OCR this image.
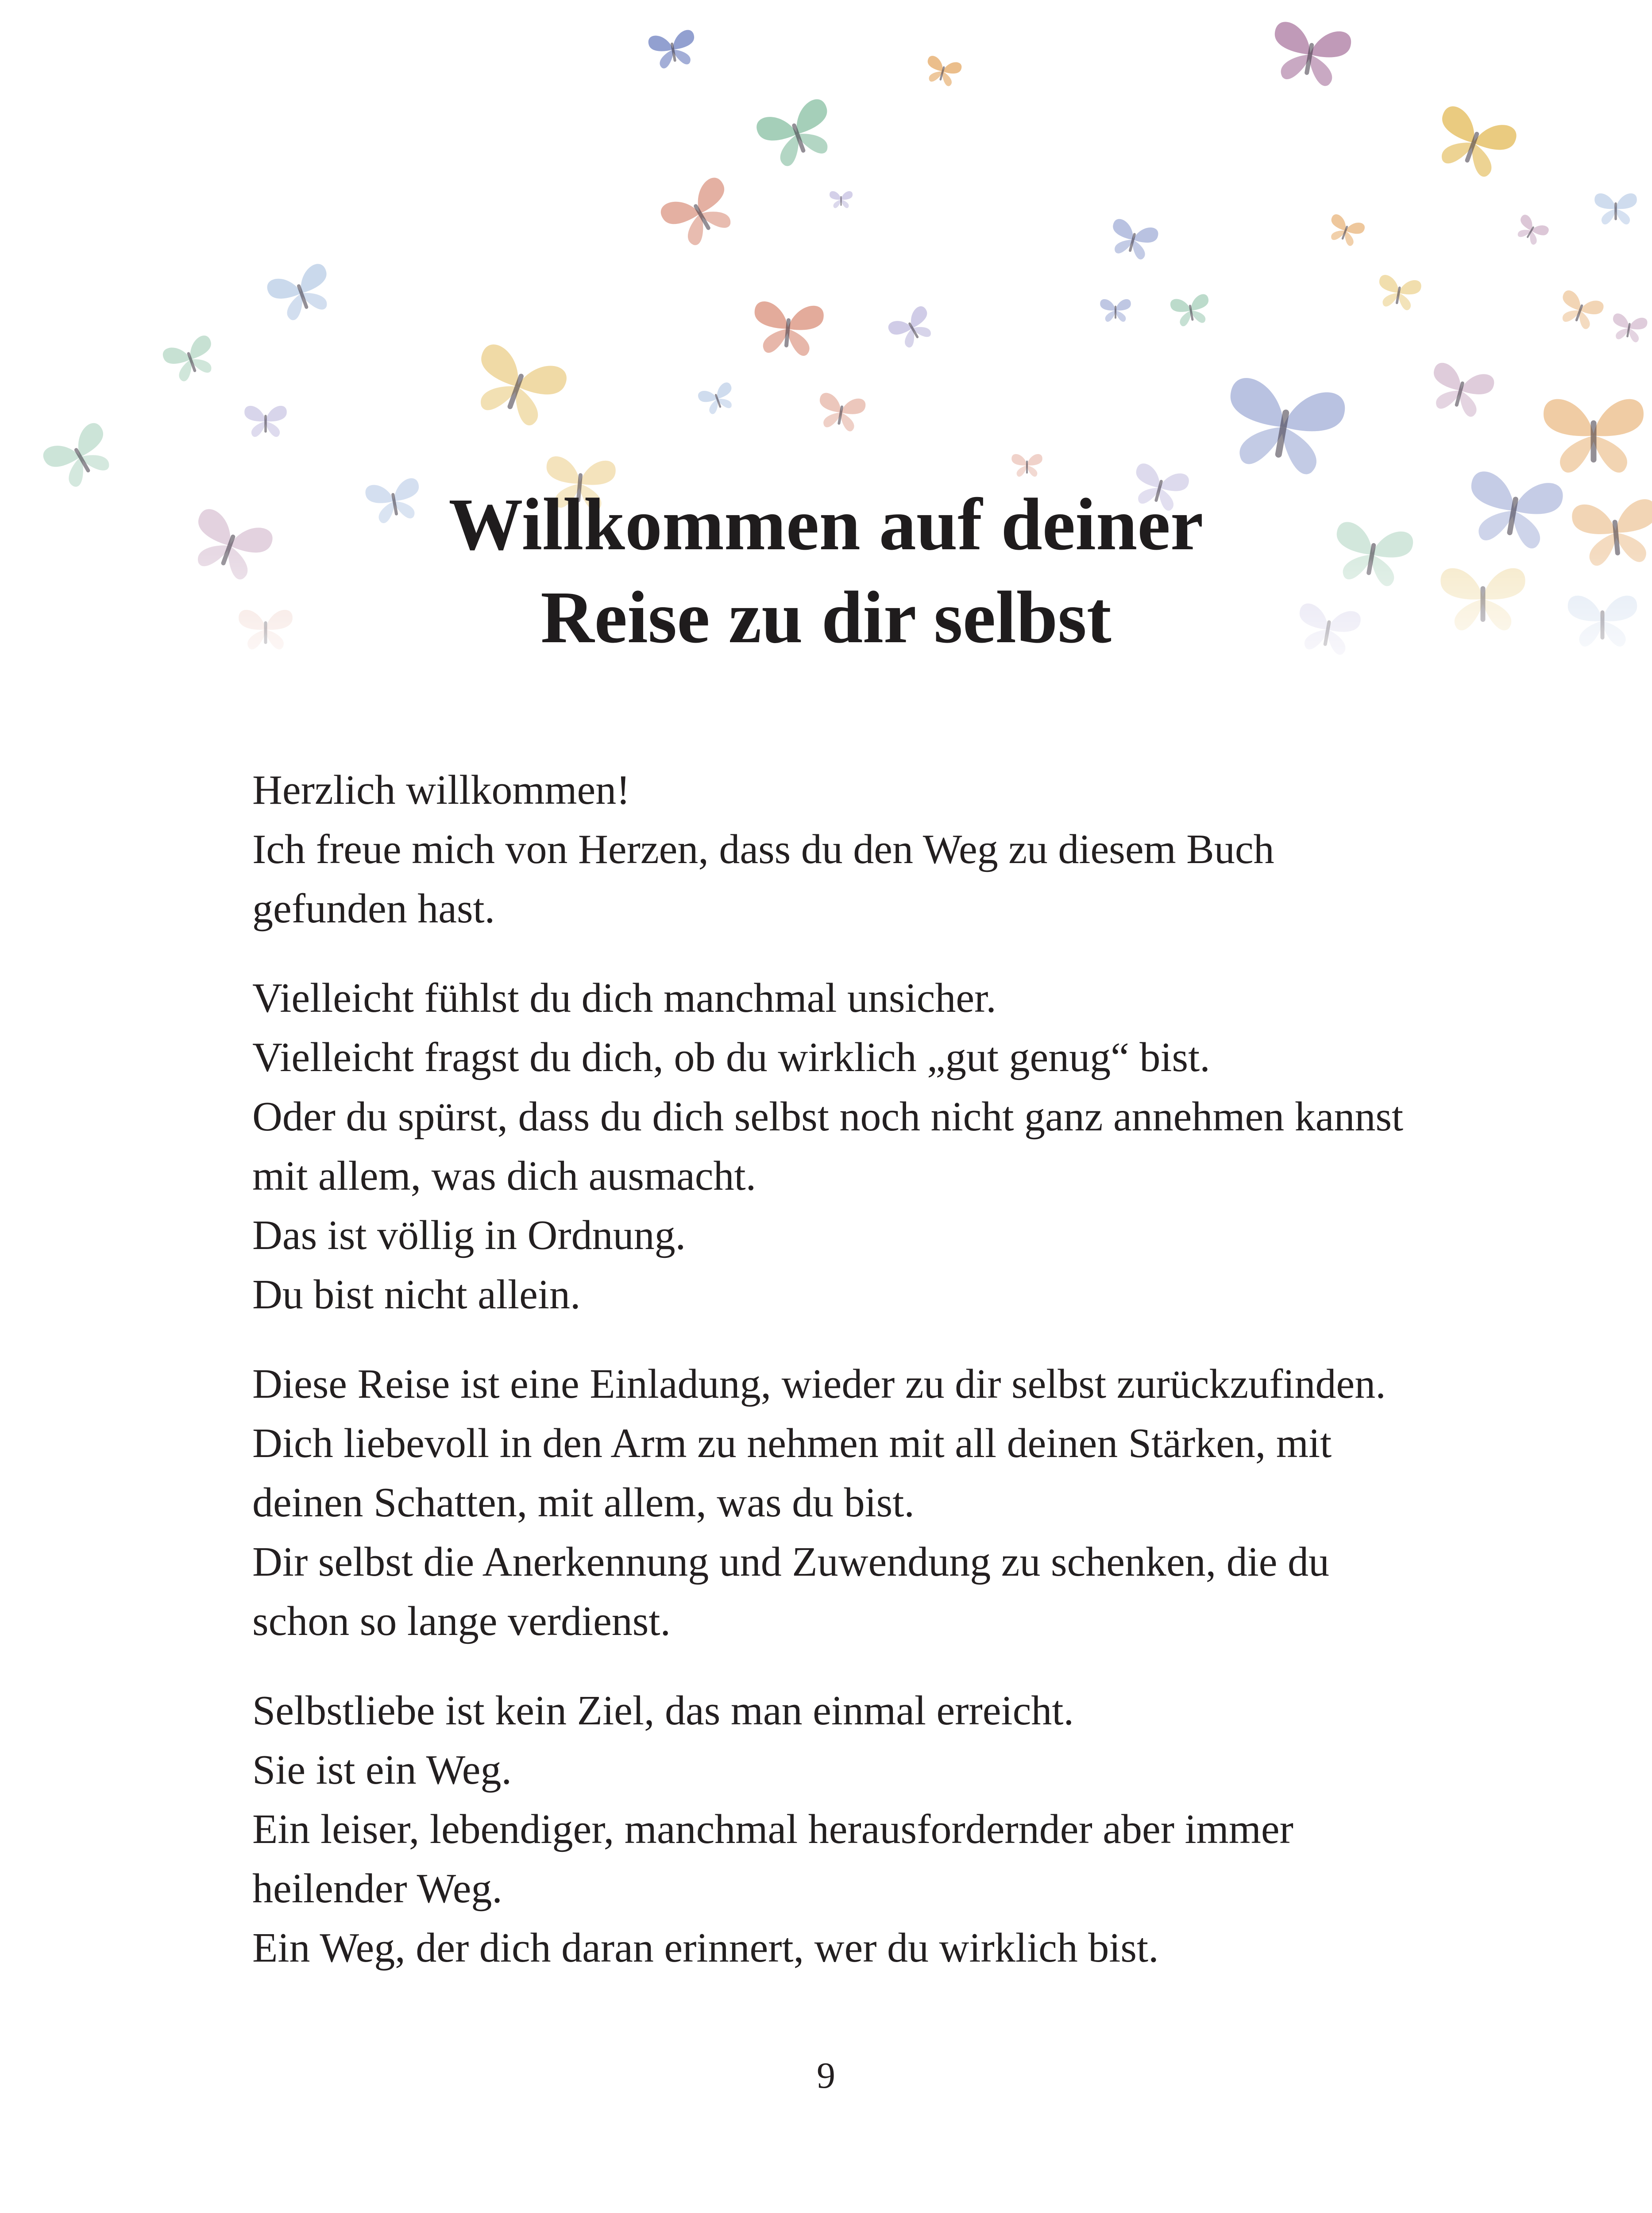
Willkommen auf deiner
Reise zu dir selbst

Herzlich willkommen!
Ich freue mich von Herzen, dass du den Weg zu diesem Buch
gefunden hast.

Vielleicht fühlst du dich manchmal unsicher.
Vielleicht fragst du dich, ob du wirklich „gut genug“ bist.
Oder du spürst, dass du dich selbst noch nicht ganz annehmen kannst
mit allem, was dich ausmacht.
Das ist völlig in Ordnung.
Du bist nicht allein.

Diese Reise ist eine Einladung, wieder zu dir selbst zurückzufinden.
Dich liebevoll in den Arm zu nehmen mit all deinen Stärken, mit
deinen Schatten, mit allem, was du bist.
Dir selbst die Anerkennung und Zuwendung zu schenken, die du
schon so lange verdienst.

Selbstliebe ist kein Ziel, das man einmal erreicht.
Sie ist ein Weg.
Ein leiser, lebendiger, manchmal herausfordernder aber immer
heilender Weg.
Ein Weg, der dich daran erinnert, wer du wirklich bist.

9
